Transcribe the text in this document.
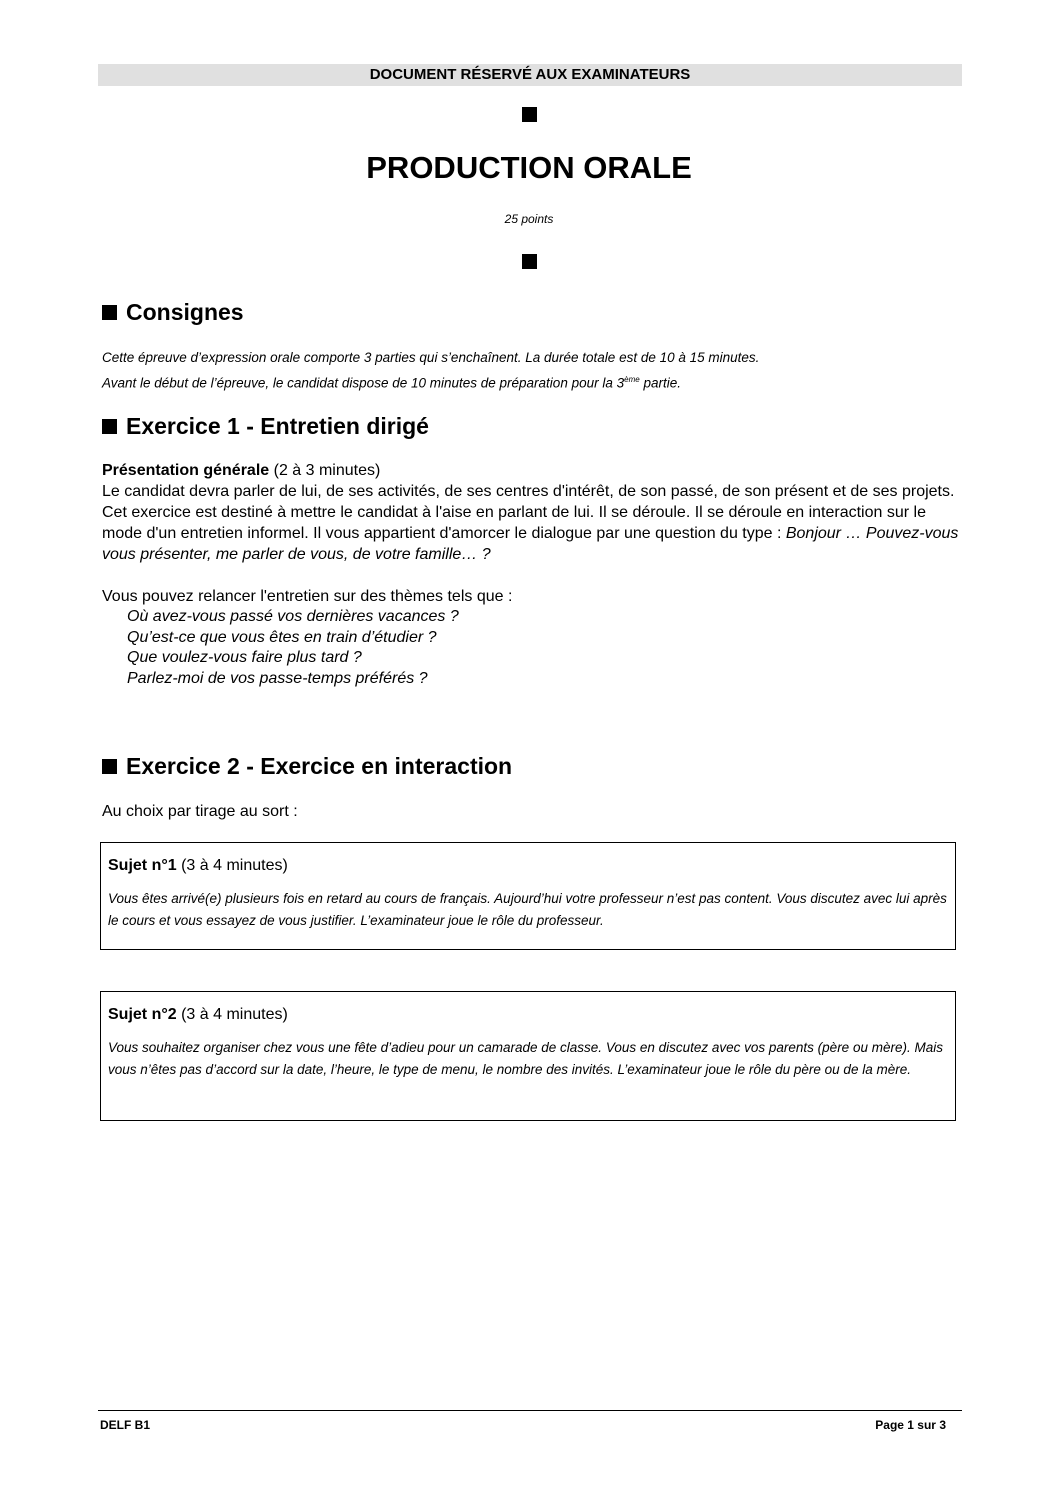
DOCUMENT RÉSERVÉ AUX EXAMINATEURS
PRODUCTION ORALE
25 points
Consignes
Cette épreuve d’expression orale comporte 3 parties qui s’enchaînent. La durée totale est de 10 à 15 minutes.
Avant le début de l’épreuve, le candidat dispose de 10 minutes de préparation pour la 3ème partie.
Exercice 1 - Entretien dirigé
Présentation générale (2 à 3 minutes)
Le candidat devra parler de lui, de ses activités, de ses centres d'intérêt, de son passé, de son présent et de ses projets.
Cet exercice est destiné à mettre le candidat à l'aise en parlant de lui. Il se déroule. Il se déroule en interaction sur le mode d'un entretien informel. Il vous appartient d'amorcer le dialogue par une question du type : Bonjour … Pouvez-vous vous présenter, me parler de vous, de votre famille… ?
Vous pouvez relancer l'entretien sur des thèmes tels que :
Où avez-vous passé vos dernières vacances ?
Qu’est-ce que vous êtes en train d’étudier ?
Que voulez-vous faire plus tard ?
Parlez-moi de vos passe-temps préférés ?
Exercice 2 - Exercice en interaction
Au choix par tirage au sort :
Sujet n°1 (3 à 4 minutes)
Vous êtes arrivé(e) plusieurs fois en retard au cours de français. Aujourd’hui votre professeur n’est pas content. Vous discutez avec lui après le cours et vous essayez de vous justifier. L’examinateur joue le rôle du professeur.
Sujet n°2 (3 à 4 minutes)
Vous souhaitez organiser chez vous une fête d’adieu pour un camarade de classe. Vous en discutez avec vos parents (père ou mère). Mais vous n’êtes pas d’accord sur la date, l’heure, le type de menu, le nombre des invités. L’examinateur joue le rôle du père ou de la mère.
DELF B1	Page 1 sur 3
